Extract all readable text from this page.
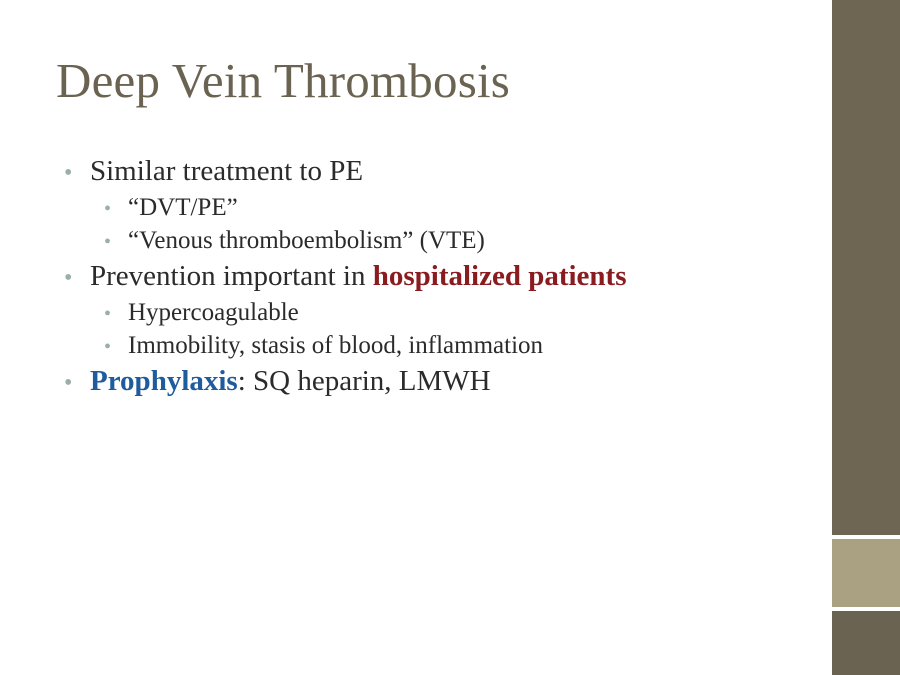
Deep Vein Thrombosis
• Similar treatment to PE
• “DVT/PE”
• “Venous thromboembolism” (VTE)
• Prevention important in hospitalized patients
• Hypercoagulable
• Immobility, stasis of blood, inflammation
• Prophylaxis: SQ heparin, LMWH
